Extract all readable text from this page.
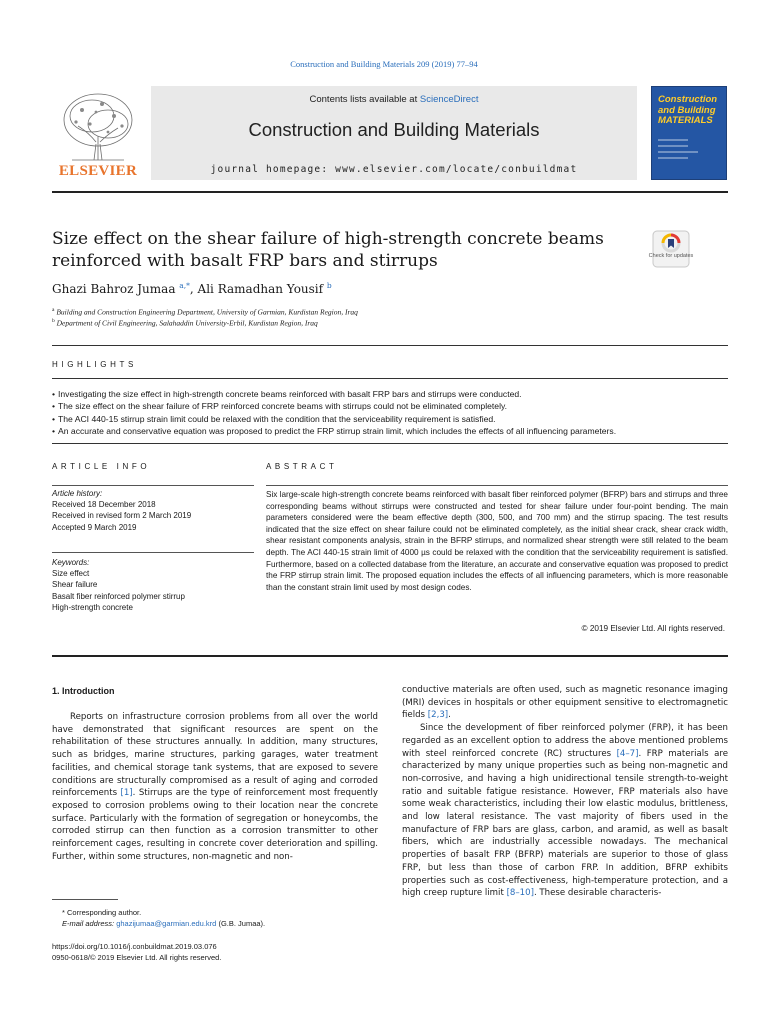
Construction and Building Materials 209 (2019) 77–94
ELSEVIER
Contents lists available at ScienceDirect
Construction and Building Materials
journal homepage: www.elsevier.com/locate/conbuildmat
Construction and Building MATERIALS
Size effect on the shear failure of high-strength concrete beams reinforced with basalt FRP bars and stirrups	Check for updates
Ghazi Bahroz Jumaa $^{a,*}$, Ali Ramadhan Yousif $^b$
$^a$ Building and Construction Engineering Department, University of Garmian, Kurdistan Region, Iraq
$^b$ Department of Civil Engineering, Salahaddin University-Erbil, Kurdistan Region, Iraq
HIGHLIGHTS
• Investigating the size effect in high-strength concrete beams reinforced with basalt FRP bars and stirrups were conducted.
• The size effect on the shear failure of FRP reinforced concrete beams with stirrups could not be eliminated completely.
• The ACI 440-15 stirrup strain limit could be relaxed with the condition that the serviceability requirement is satisfied.
• An accurate and conservative equation was proposed to predict the FRP stirrup strain limit, which includes the effects of all influencing parameters.
ARTICLE INFO
Article history:
Received 18 December 2018
Received in revised form 2 March 2019
Accepted 9 March 2019
Keywords:
Size effect
Shear failure
Basalt fiber reinforced polymer stirrup
High-strength concrete
ABSTRACT
Six large-scale high-strength concrete beams reinforced with basalt fiber reinforced polymer (BFRP) bars and stirrups and three corresponding beams without stirrups were constructed and tested for shear failure under four-point bending. The main parameters considered were the beam effective depth (300, 500, and 700 mm) and the stirrup spacing. The test results indicated that the size effect on shear failure could not be eliminated completely, as the initial shear crack, shear crack width, shear resistant components analysis, strain in the BFRP stirrups, and normalized shear strength were still related to the beam depth. The ACI 440-15 strain limit of 4000 µs could be relaxed with the condition that the serviceability requirement is satisfied. Furthermore, based on a collected database from the literature, an accurate and conservative equation was proposed to predict the FRP stirrup strain limit. The proposed equation includes the effects of all influencing parameters, which is more reasonable than the constant strain limit used by most design codes.
© 2019 Elsevier Ltd. All rights reserved.
1. Introduction

Reports on infrastructure corrosion problems from all over the world have demonstrated that significant resources are spent on the rehabilitation of these structures annually. In addition, many structures, such as bridges, marine structures, parking garages, water treatment facilities, and chemical storage tank systems, that are exposed to severe conditions are structurally compromised as a result of aging and corroded reinforcements [1]. Stirrups are the type of reinforcement most frequently exposed to corrosion problems owing to their location near the concrete surface. Particularly with the formation of segregation or honeycombs, the corroded stirrup can then function as a corrosion transmitter to other reinforcement cages, resulting in concrete cover deterioration and spilling. Further, within some structures, non-magnetic and non-

conductive materials are often used, such as magnetic resonance imaging (MRI) devices in hospitals or other equipment sensitive to electromagnetic fields [2,3].

Since the development of fiber reinforced polymer (FRP), it has been regarded as an excellent option to address the above mentioned problems with steel reinforced concrete (RC) structures [4–7]. FRP materials are characterized by many unique properties such as being non-magnetic and non-corrosive, and having a high unidirectional tensile strength-to-weight ratio and suitable fatigue resistance. However, FRP materials also have some weak characteristics, including their low elastic modulus, brittleness, and low lateral resistance. The vast majority of fibers used in the manufacture of FRP bars are glass, carbon, and aramid, as well as basalt fibers, which are industrially accessible nowadays. The mechanical properties of basalt FRP (BFRP) materials are superior to those of glass FRP, but less than those of carbon FRP. In addition, BFRP exhibits properties such as cost-effectiveness, high-temperature protection, and a high creep rupture limit [8–10]. These desirable characteris-

* Corresponding author.
E-mail address: ghazijumaa@garmian.edu.krd (G.B. Jumaa).
https://doi.org/10.1016/j.conbuildmat.2019.03.076
0950-0618/© 2019 Elsevier Ltd. All rights reserved.
